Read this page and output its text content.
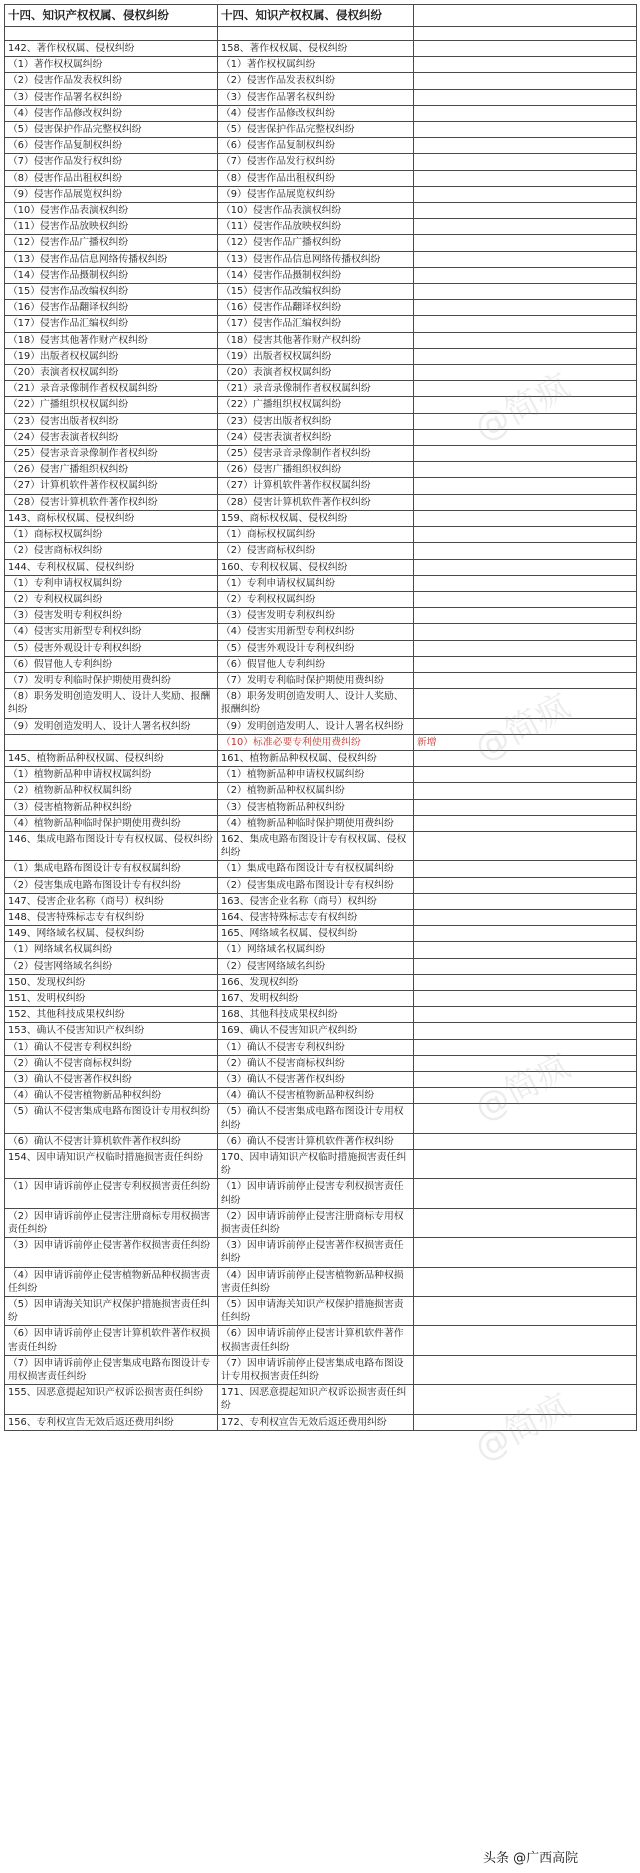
十四、知识产权权属、侵权纠纷	十四、知识产权权属、侵权纠纷	

142、著作权权属、侵权纠纷	158、著作权权属、侵权纠纷	
（1）著作权权属纠纷	（1）著作权权属纠纷	
（2）侵害作品发表权纠纷	（2）侵害作品发表权纠纷	
（3）侵害作品署名权纠纷	（3）侵害作品署名权纠纷	
（4）侵害作品修改权纠纷	（4）侵害作品修改权纠纷	
（5）侵害保护作品完整权纠纷	（5）侵害保护作品完整权纠纷	
（6）侵害作品复制权纠纷	（6）侵害作品复制权纠纷	
（7）侵害作品发行权纠纷	（7）侵害作品发行权纠纷	
（8）侵害作品出租权纠纷	（8）侵害作品出租权纠纷	
（9）侵害作品展览权纠纷	（9）侵害作品展览权纠纷	
（10）侵害作品表演权纠纷	（10）侵害作品表演权纠纷	
（11）侵害作品放映权纠纷	（11）侵害作品放映权纠纷	
（12）侵害作品广播权纠纷	（12）侵害作品广播权纠纷	
（13）侵害作品信息网络传播权纠纷	（13）侵害作品信息网络传播权纠纷	
（14）侵害作品摄制权纠纷	（14）侵害作品摄制权纠纷	
（15）侵害作品改编权纠纷	（15）侵害作品改编权纠纷	
（16）侵害作品翻译权纠纷	（16）侵害作品翻译权纠纷	
（17）侵害作品汇编权纠纷	（17）侵害作品汇编权纠纷	
（18）侵害其他著作财产权纠纷	（18）侵害其他著作财产权纠纷	
（19）出版者权权属纠纷	（19）出版者权权属纠纷	
（20）表演者权权属纠纷	（20）表演者权权属纠纷	
（21）录音录像制作者权权属纠纷	（21）录音录像制作者权权属纠纷	
（22）广播组织权权属纠纷	（22）广播组织权权属纠纷	
（23）侵害出版者权纠纷	（23）侵害出版者权纠纷	
（24）侵害表演者权纠纷	（24）侵害表演者权纠纷	
（25）侵害录音录像制作者权纠纷	（25）侵害录音录像制作者权纠纷	
（26）侵害广播组织权纠纷	（26）侵害广播组织权纠纷	
（27）计算机软件著作权权属纠纷	（27）计算机软件著作权权属纠纷	
（28）侵害计算机软件著作权纠纷	（28）侵害计算机软件著作权纠纷	
143、商标权权属、侵权纠纷	159、商标权权属、侵权纠纷	
（1）商标权权属纠纷	（1）商标权权属纠纷	
（2）侵害商标权纠纷	（2）侵害商标权纠纷	
144、专利权权属、侵权纠纷	160、专利权权属、侵权纠纷	
（1）专利申请权权属纠纷	（1）专利申请权权属纠纷	
（2）专利权权属纠纷	（2）专利权权属纠纷	
（3）侵害发明专利权纠纷	（3）侵害发明专利权纠纷	
（4）侵害实用新型专利权纠纷	（4）侵害实用新型专利权纠纷	
（5）侵害外观设计专利权纠纷	（5）侵害外观设计专利权纠纷	
（6）假冒他人专利纠纷	（6）假冒他人专利纠纷	
（7）发明专利临时保护期使用费纠纷	（7）发明专利临时保护期使用费纠纷	
（8）职务发明创造发明人、设计人奖励、报酬纠纷	（8）职务发明创造发明人、设计人奖励、报酬纠纷	
（9）发明创造发明人、设计人署名权纠纷	（9）发明创造发明人、设计人署名权纠纷	
	（10）标准必要专利使用费纠纷	新增
145、植物新品种权权属、侵权纠纷	161、植物新品种权权属、侵权纠纷	
（1）植物新品种申请权权属纠纷	（1）植物新品种申请权权属纠纷	
（2）植物新品种权权属纠纷	（2）植物新品种权权属纠纷	
（3）侵害植物新品种权纠纷	（3）侵害植物新品种权纠纷	
（4）植物新品种临时保护期使用费纠纷	（4）植物新品种临时保护期使用费纠纷	
146、集成电路布图设计专有权权属、侵权纠纷	162、集成电路布图设计专有权权属、侵权纠纷	
（1）集成电路布图设计专有权权属纠纷	（1）集成电路布图设计专有权权属纠纷	
（2）侵害集成电路布图设计专有权纠纷	（2）侵害集成电路布图设计专有权纠纷	
147、侵害企业名称（商号）权纠纷	163、侵害企业名称（商号）权纠纷	
148、侵害特殊标志专有权纠纷	164、侵害特殊标志专有权纠纷	
149、网络域名权属、侵权纠纷	165、网络域名权属、侵权纠纷	
（1）网络域名权属纠纷	（1）网络域名权属纠纷	
（2）侵害网络域名纠纷	（2）侵害网络域名纠纷	
150、发现权纠纷	166、发现权纠纷	
151、发明权纠纷	167、发明权纠纷	
152、其他科技成果权纠纷	168、其他科技成果权纠纷	
153、确认不侵害知识产权纠纷	169、确认不侵害知识产权纠纷	
（1）确认不侵害专利权纠纷	（1）确认不侵害专利权纠纷	
（2）确认不侵害商标权纠纷	（2）确认不侵害商标权纠纷	
（3）确认不侵害著作权纠纷	（3）确认不侵害著作权纠纷	
（4）确认不侵害植物新品种权纠纷	（4）确认不侵害植物新品种权纠纷	
（5）确认不侵害集成电路布图设计专用权纠纷	（5）确认不侵害集成电路布图设计专用权纠纷	
（6）确认不侵害计算机软件著作权纠纷	（6）确认不侵害计算机软件著作权纠纷	
154、因申请知识产权临时措施损害责任纠纷	170、因申请知识产权临时措施损害责任纠纷	
（1）因申请诉前停止侵害专利权损害责任纠纷	（1）因申请诉前停止侵害专利权损害责任纠纷	
（2）因申请诉前停止侵害注册商标专用权损害责任纠纷	（2）因申请诉前停止侵害注册商标专用权损害责任纠纷	
（3）因申请诉前停止侵害著作权损害责任纠纷	（3）因申请诉前停止侵害著作权损害责任纠纷	
（4）因申请诉前停止侵害植物新品种权损害责任纠纷	（4）因申请诉前停止侵害植物新品种权损害责任纠纷	
（5）因申请海关知识产权保护措施损害责任纠纷	（5）因申请海关知识产权保护措施损害责任纠纷	
（6）因申请诉前停止侵害计算机软件著作权损害责任纠纷	（6）因申请诉前停止侵害计算机软件著作权损害责任纠纷	
（7）因申请诉前停止侵害集成电路布图设计专用权损害责任纠纷	（7）因申请诉前停止侵害集成电路布图设计专用权损害责任纠纷	
155、因恶意提起知识产权诉讼损害责任纠纷	171、因恶意提起知识产权诉讼损害责任纠纷	
156、专利权宣告无效后返还费用纠纷	172、专利权宣告无效后返还费用纠纷	
@简疯
@简疯
@简疯
@简疯
头条 @广西高院
